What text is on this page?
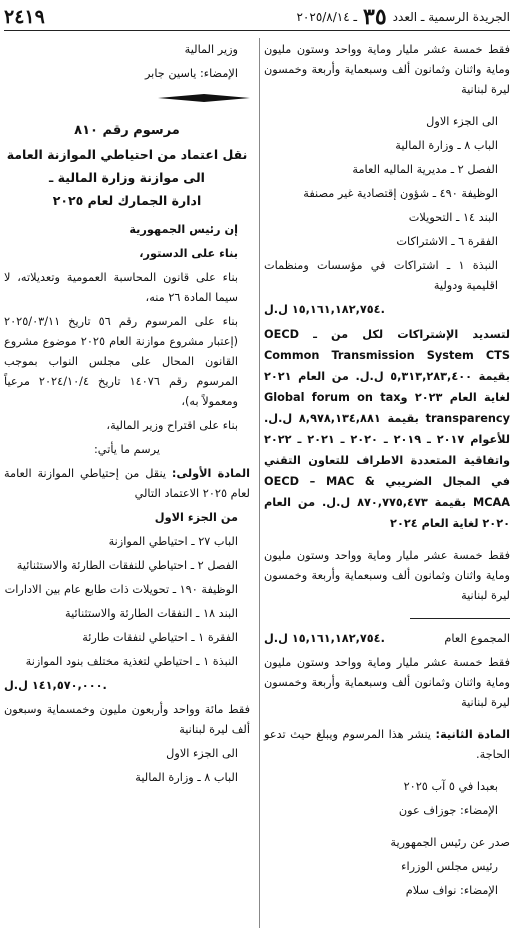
الجريدة الرسمية ـ العدد
٣٥
ـ ٢٠٢٥/٨/١٤
٢٤١٩

فقط خمسة عشر مليار وماية وواحد وستون مليون وماية واثنان وثمانون ألف وسبعماية وأربعة وخمسون ليرة لبنانية

الى الجزء الاول

الباب ٨ ـ وزارة المالية

الفصل ٢ ـ مديرية الماليه العامة

الوظيفة ٤٩٠ ـ شؤون إقتصادية غير مصنفة

البند ١٤ ـ التحويلات

الفقرة ٦ ـ الاشتراكات

النبذة ١ ـ اشتراكات في مؤسسات ومنظمات اقليمية ودولية

١٥,١٦١,١٨٢,٧٥٤ ل.ل.

لتسديد الإشتراكات لكل من ـ OECD Common Transmission System CTS بقيمة ٥,٣١٣,٢٨٣,٤٠٠ ل.ل. من العام ٢٠٢١ لغاية العام ٢٠٢٣ وGlobal forum on tax transparency بقيمة ٨,٩٧٨,١٣٤,٨٨١ ل.ل. للأعوام ٢٠١٧ ـ ٢٠١٩ ـ ٢٠٢٠ ـ ٢٠٢١ ـ ٢٠٢٢ واتفاقية المتعددة الاطراف للتعاون التقني في المجال الضريبي OECD – MAC & MCAA بقيمة ٨٧٠,٧٧٥,٤٧٣ ل.ل. من العام ٢٠٢٠ لغاية العام ٢٠٢٤

فقط خمسة عشر مليار وماية وواحد وستون مليون وماية واثنان وثمانون ألف وسبعماية وأربعة وخمسون ليرة لبنانية

المجموع العام
١٥,١٦١,١٨٢,٧٥٤ ل.ل.

فقط خمسة عشر مليار وماية وواحد وستون مليون وماية واثنان وثمانون ألف وسبعماية وأربعة وخمسون ليرة لبنانية

المادة الثانية: ينشر هذا المرسوم ويبلغ حيث تدعو الحاجة.

بعبدا في ٥ آب ٢٠٢٥

الإمضاء: جوزاف عون

صدر عن رئيس الجمهورية

رئيس مجلس الوزراء

الإمضاء: نواف سلام

وزير المالية

الإمضاء: ياسين جابر

مرسوم رقم ٨١٠
نقل اعتماد من احتياطي الموازنة العامة
الى موازنة وزارة المالية ـ
ادارة الجمارك لعام ٢٠٢٥

إن رئيس الجمهورية

بناء على الدستور،

بناء على قانون المحاسبة العمومية وتعديلاته، لا سيما المادة ٢٦ منه،

بناء على المرسوم رقم ٥٦ تاريخ ٢٠٢٥/٠٣/١١ (إعتبار مشروع موازنة العام ٢٠٢٥ موضوع مشروع القانون المحال على مجلس النواب بموجب المرسوم رقم ١٤٠٧٦ تاريخ ٢٠٢٤/١٠/٤ مرعياً ومعمولاً به)،

بناء على اقتراح وزير المالية،

يرسم ما يأتي:

المادة الأولى: ينقل من إحتياطي الموازنة العامة لعام ٢٠٢٥ الاعتماد التالي

من الجزء الاول

الباب ٢٧ ـ احتياطي الموازنة

الفصل ٢ ـ احتياطي للنفقات الطارئة والاستثنائية

الوظيفة ١٩٠ ـ تحويلات ذات طابع عام بين الادارات

البند ١٨ ـ النفقات الطارئة والاستثنائية

الفقرة ١ ـ احتياطي لنفقات طارئة

النبذة ١ ـ احتياطي لتغذية مختلف بنود الموازنة

١٤١,٥٧٠,٠٠٠ ل.ل.

فقط مائة وواحد وأربعون مليون وخمسماية وسبعون ألف ليرة لبنانية

الى الجزء الاول

الباب ٨ ـ وزارة المالية
